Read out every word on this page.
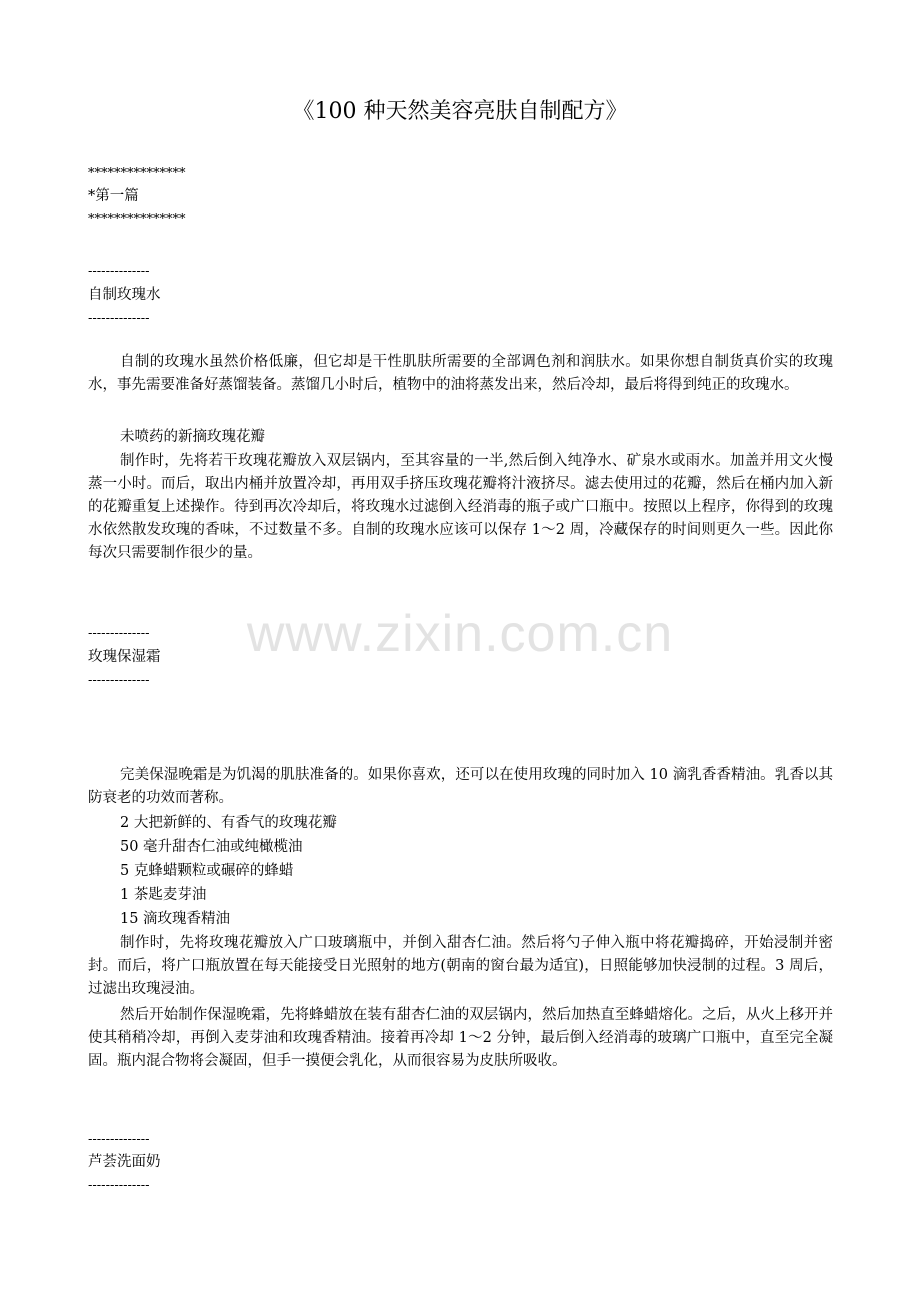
www.zixin.com.cn
《100 种天然美容亮肤自制配方》
***************
*第一篇
***************
--------------
自制玫瑰水
--------------
自制的玫瑰水虽然价格低廉，但它却是干性肌肤所需要的全部调色剂和润肤水。如果你想自制货真价实的玫瑰水，事先需要准备好蒸馏装备。蒸馏几小时后，植物中的油将蒸发出来，然后冷却，最后将得到纯正的玫瑰水。
未喷药的新摘玫瑰花瓣
制作时，先将若干玫瑰花瓣放入双层锅内，至其容量的一半,然后倒入纯净水、矿泉水或雨水。加盖并用文火慢蒸一小时。而后，取出内桶并放置冷却，再用双手挤压玫瑰花瓣将汁液挤尽。滤去使用过的花瓣，然后在桶内加入新的花瓣重复上述操作。待到再次冷却后，将玫瑰水过滤倒入经消毒的瓶子或广口瓶中。按照以上程序，你得到的玫瑰水依然散发玫瑰的香味，不过数量不多。自制的玫瑰水应该可以保存 1～2 周，冷藏保存的时间则更久一些。因此你每次只需要制作很少的量。
--------------
玫瑰保湿霜
--------------
完美保湿晚霜是为饥渴的肌肤准备的。如果你喜欢，还可以在使用玫瑰的同时加入 10 滴乳香香精油。乳香以其防衰老的功效而著称。
2 大把新鲜的、有香气的玫瑰花瓣
50 毫升甜杏仁油或纯橄榄油
5 克蜂蜡颗粒或碾碎的蜂蜡
1 茶匙麦芽油
15 滴玫瑰香精油
制作时，先将玫瑰花瓣放入广口玻璃瓶中，并倒入甜杏仁油。然后将勺子伸入瓶中将花瓣捣碎，开始浸制并密封。而后，将广口瓶放置在每天能接受日光照射的地方(朝南的窗台最为适宜)，日照能够加快浸制的过程。3 周后，过滤出玫瑰浸油。
然后开始制作保湿晚霜，先将蜂蜡放在装有甜杏仁油的双层锅内，然后加热直至蜂蜡熔化。之后，从火上移开并使其稍稍冷却，再倒入麦芽油和玫瑰香精油。接着再冷却 1～2 分钟，最后倒入经消毒的玻璃广口瓶中，直至完全凝固。瓶内混合物将会凝固，但手一摸便会乳化，从而很容易为皮肤所吸收。
--------------
芦荟洗面奶
--------------
